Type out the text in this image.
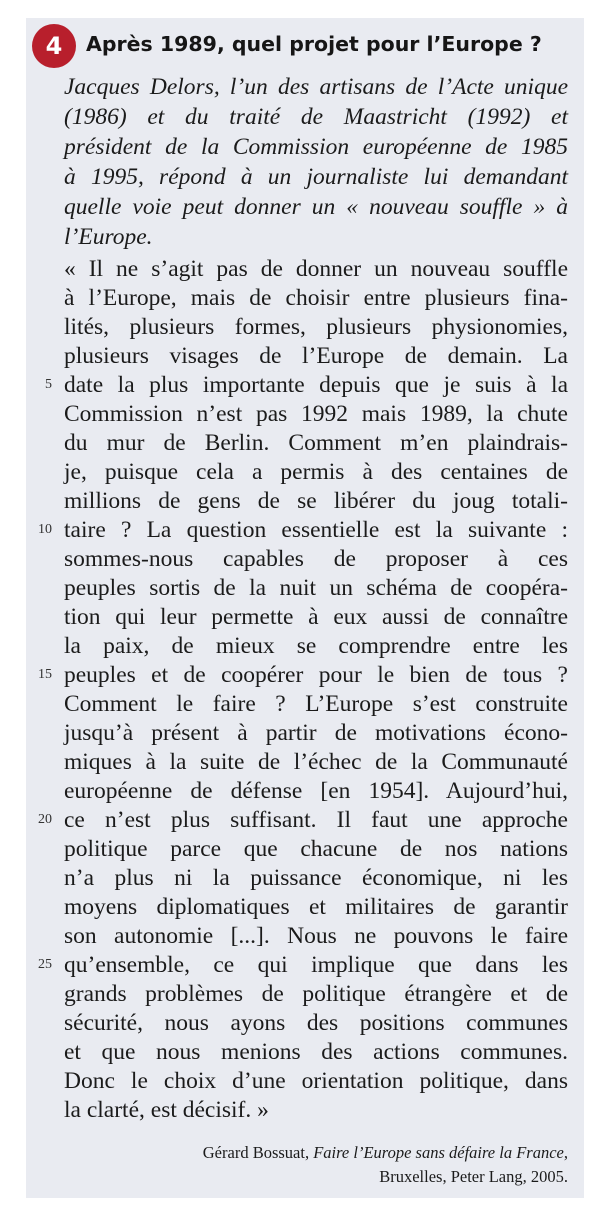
4 Après 1989, quel projet pour l’Europe ?
Jacques Delors, l’un des artisans de l’Acte unique
(1986) et du traité de Maastricht (1992) et
président de la Commission européenne de 1985
à 1995, répond à un journaliste lui demandant
quelle voie peut donner un « nouveau souffle » à
l’Europe.
« Il ne s’agit pas de donner un nouveau souffle
à l’Europe, mais de choisir entre plusieurs fina-
lités, plusieurs formes, plusieurs physionomies,
plusieurs visages de l’Europe de demain. La
date la plus importante depuis que je suis à la
Commission n’est pas 1992 mais 1989, la chute
du mur de Berlin. Comment m’en plaindrais-
je, puisque cela a permis à des centaines de
millions de gens de se libérer du joug totali-
taire ? La question essentielle est la suivante :
sommes-nous capables de proposer à ces
peuples sortis de la nuit un schéma de coopéra-
tion qui leur permette à eux aussi de connaître
la paix, de mieux se comprendre entre les
peuples et de coopérer pour le bien de tous ?
Comment le faire ? L’Europe s’est construite
jusqu’à présent à partir de motivations écono-
miques à la suite de l’échec de la Communauté
européenne de défense [en 1954]. Aujourd’hui,
ce n’est plus suffisant. Il faut une approche
politique parce que chacune de nos nations
n’a plus ni la puissance économique, ni les
moyens diplomatiques et militaires de garantir
son autonomie [...]. Nous ne pouvons le faire
qu’ensemble, ce qui implique que dans les
grands problèmes de politique étrangère et de
sécurité, nous ayons des positions communes
et que nous menions des actions communes.
Donc le choix d’une orientation politique, dans
la clarté, est décisif. »
5
10
15
20
25
Gérard Bossuat, Faire l’Europe sans défaire la France,
Bruxelles, Peter Lang, 2005.
